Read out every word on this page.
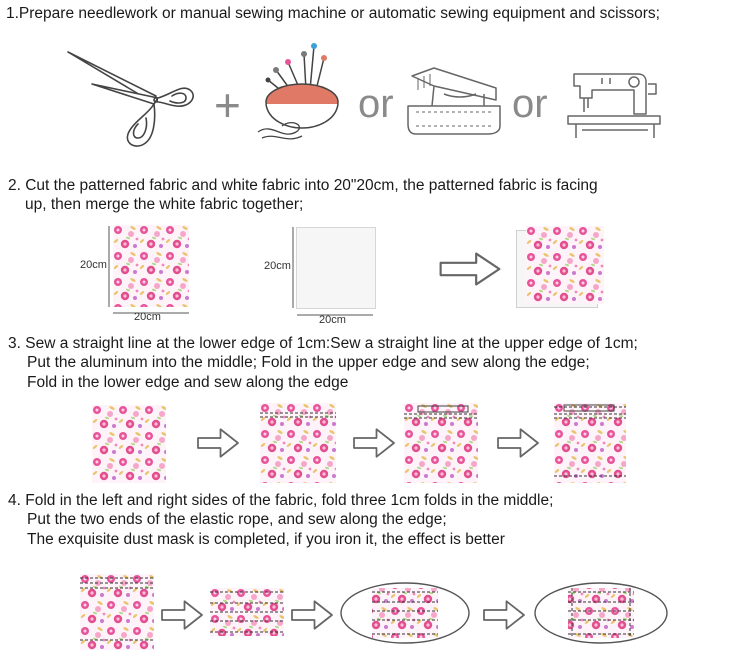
1.Prepare needlework or manual sewing machine or automatic sewing equipment and scissors;
+	or	or
2. Cut the patterned fabric and white fabric into 20"20cm, the patterned fabric is facing
up, then merge the white fabric together;
20cm
20cm
20cm
20cm
3. Sew a straight line at the lower edge of 1cm:Sew a straight line at the upper edge of 1cm;
Put the aluminum into the middle; Fold in the upper edge and sew along the edge;
Fold in the lower edge and sew along the edge
4. Fold in the left and right sides of the fabric, fold three 1cm folds in the middle;
Put the two ends of the elastic rope, and sew along the edge;
The exquisite dust mask is completed, if you iron it, the effect is better
